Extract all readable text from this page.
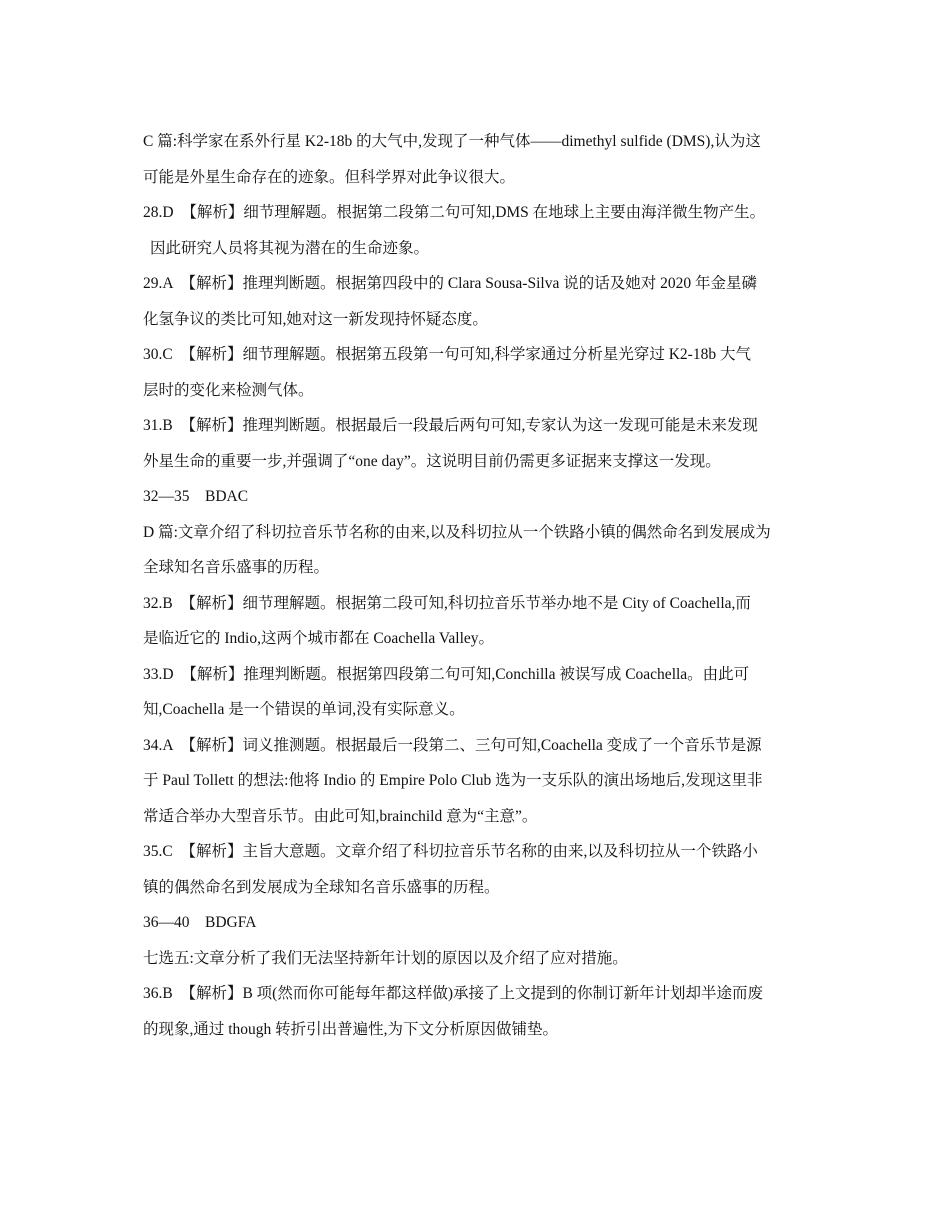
C 篇:科学家在系外行星 K2-18b 的大气中,发现了一种气体——dimethyl sulfide (DMS),认为这
可能是外星生命存在的迹象。但科学界对此争议很大。
28.D　【解析】细节理解题。根据第二段第二句可知,DMS 在地球上主要由海洋微生物产生。
因此研究人员将其视为潜在的生命迹象。
29.A　【解析】推理判断题。根据第四段中的 Clara Sousa-Silva 说的话及她对 2020 年金星磷
化氢争议的类比可知,她对这一新发现持怀疑态度。
30.C　【解析】细节理解题。根据第五段第一句可知,科学家通过分析星光穿过 K2-18b 大气
层时的变化来检测气体。
31.B　【解析】推理判断题。根据最后一段最后两句可知,专家认为这一发现可能是未来发现
外星生命的重要一步,并强调了“one day”。这说明目前仍需更多证据来支撑这一发现。
32—35　BDAC
D 篇:文章介绍了科切拉音乐节名称的由来,以及科切拉从一个铁路小镇的偶然命名到发展成为
全球知名音乐盛事的历程。
32.B　【解析】细节理解题。根据第二段可知,科切拉音乐节举办地不是 City of Coachella,而
是临近它的 Indio,这两个城市都在 Coachella Valley。
33.D　【解析】推理判断题。根据第四段第二句可知,Conchilla 被误写成 Coachella。由此可
知,Coachella 是一个错误的单词,没有实际意义。
34.A　【解析】词义推测题。根据最后一段第二、三句可知,Coachella 变成了一个音乐节是源
于 Paul Tollett 的想法:他将 Indio 的 Empire Polo Club 选为一支乐队的演出场地后,发现这里非
常适合举办大型音乐节。由此可知,brainchild 意为“主意”。
35.C　【解析】主旨大意题。文章介绍了科切拉音乐节名称的由来,以及科切拉从一个铁路小
镇的偶然命名到发展成为全球知名音乐盛事的历程。
36—40　BDGFA
七选五:文章分析了我们无法坚持新年计划的原因以及介绍了应对措施。
36.B　【解析】B 项(然而你可能每年都这样做)承接了上文提到的你制订新年计划却半途而废
的现象,通过 though 转折引出普遍性,为下文分析原因做铺垫。
